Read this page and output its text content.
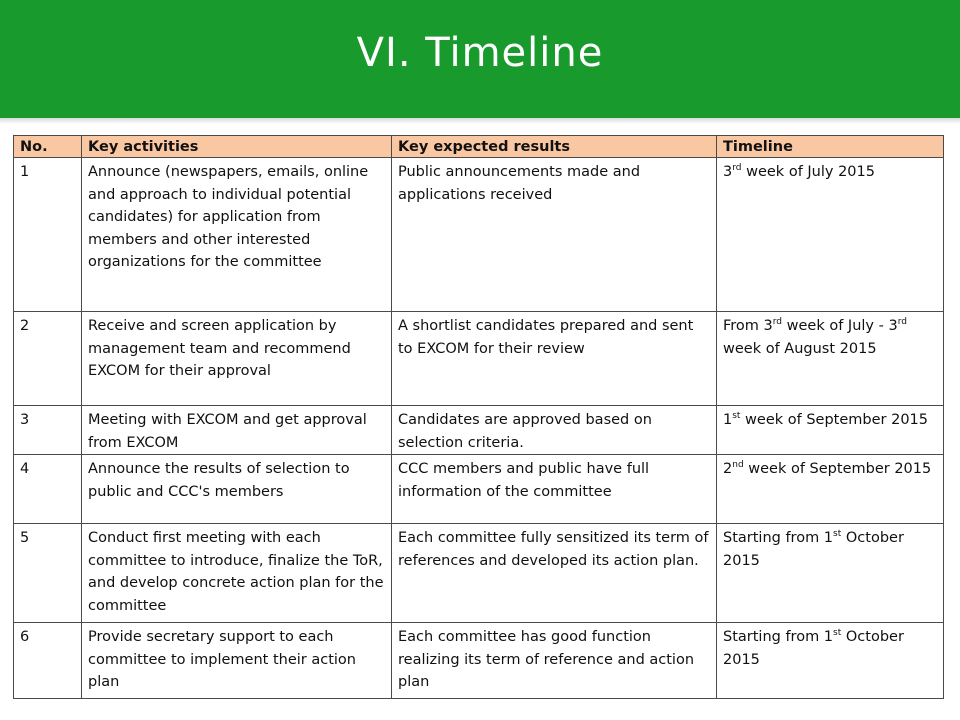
VI. Timeline
No.	Key activities	Key expected results	Timeline
1	Announce (newspapers, emails, online and approach to individual potential candidates) for application from members and other interested organizations for the committee	Public announcements made and applications received	3rd week of July 2015
2	Receive and screen application by management team and recommend EXCOM for their approval	A shortlist candidates prepared and sent to EXCOM for their review	From 3rd week of July - 3rd week of August 2015
3	Meeting with EXCOM and get approval from EXCOM	Candidates are approved based on selection criteria.	1st week of September 2015
4	Announce the results of selection to public and CCC's members	CCC members and public have full information of the committee	2nd week of September 2015
5	Conduct first meeting with each committee to introduce, finalize the ToR, and develop concrete action plan for the committee	Each committee fully sensitized its term of references and developed its action plan.	Starting from 1st October 2015
6	Provide secretary support to each committee to implement their action plan	Each committee has good function realizing its term of reference and action plan	Starting from 1st October 2015
